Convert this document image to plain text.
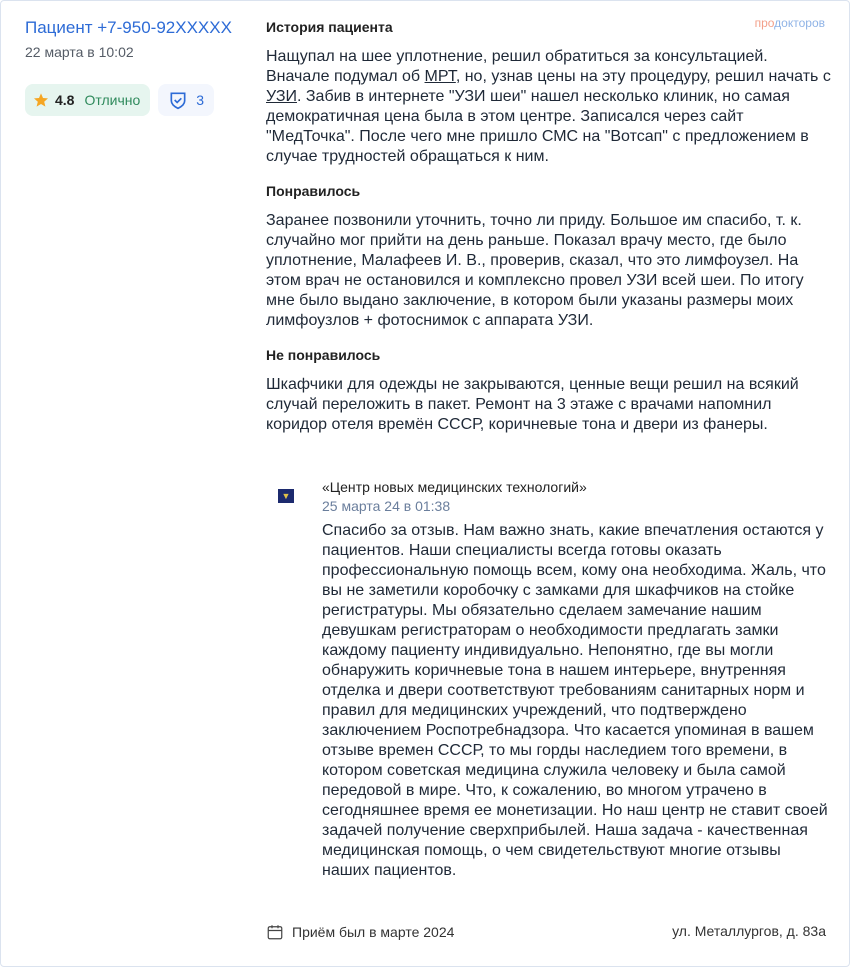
Пациент +7-950-92XXXXX
22 марта в 10:02
4.8 Отлично	3
продокторов
История пациента
Нащупал на шее уплотнение, решил обратиться за консультацией. Вначале подумал об МРТ, но, узнав цены на эту процедуру, решил начать с УЗИ. Забив в интернете "УЗИ шеи" нашел несколько клиник, но самая демократичная цена была в этом центре. Записался через сайт "МедТочка". После чего мне пришло СМС на "Вотсап" с предложением в случае трудностей обращаться к ним.
Понравилось
Заранее позвонили уточнить, точно ли приду. Большое им спасибо, т. к. случайно мог прийти на день раньше. Показал врачу место, где было уплотнение, Малафеев И. В., проверив, сказал, что это лимфоузел. На этом врач не остановился и комплексно провел УЗИ всей шеи. По итогу мне было выдано заключение, в котором были указаны размеры моих лимфоузлов + фотоснимок с аппарата УЗИ.
Не понравилось
Шкафчики для одежды не закрываются, ценные вещи решил на всякий случай переложить в пакет. Ремонт на 3 этаже с врачами напомнил коридор отеля времён СССР, коричневые тона и двери из фанеры.
▼
«Центр новых медицинских технологий»
25 марта 24 в 01:38
Спасибо за отзыв. Нам важно знать, какие впечатления остаются у пациентов. Наши специалисты всегда готовы оказать профессиональную помощь всем, кому она необходима. Жаль, что вы не заметили коробочку с замками для шкафчиков на стойке регистратуры. Мы обязательно сделаем замечание нашим девушкам регистраторам о необходимости предлагать замки каждому пациенту индивидуально. Непонятно, где вы могли обнаружить коричневые тона в нашем интерьере, внутренняя отделка и двери соответствуют требованиям санитарных норм и правил для медицинских учреждений, что подтверждено заключением Роспотребнадзора. Что касается упоминая в вашем отзыве времен СССР, то мы горды наследием того времени, в котором советская медицина служила человеку и была самой передовой в мире. Что, к сожалению, во многом утрачено в сегодняшнее время ее монетизации. Но наш центр не ставит своей задачей получение сверхприбылей. Наша задача - качественная медицинская помощь, о чем свидетельствуют многие отзывы наших пациентов.
Приём был в марте 2024	ул. Металлургов, д. 83а
